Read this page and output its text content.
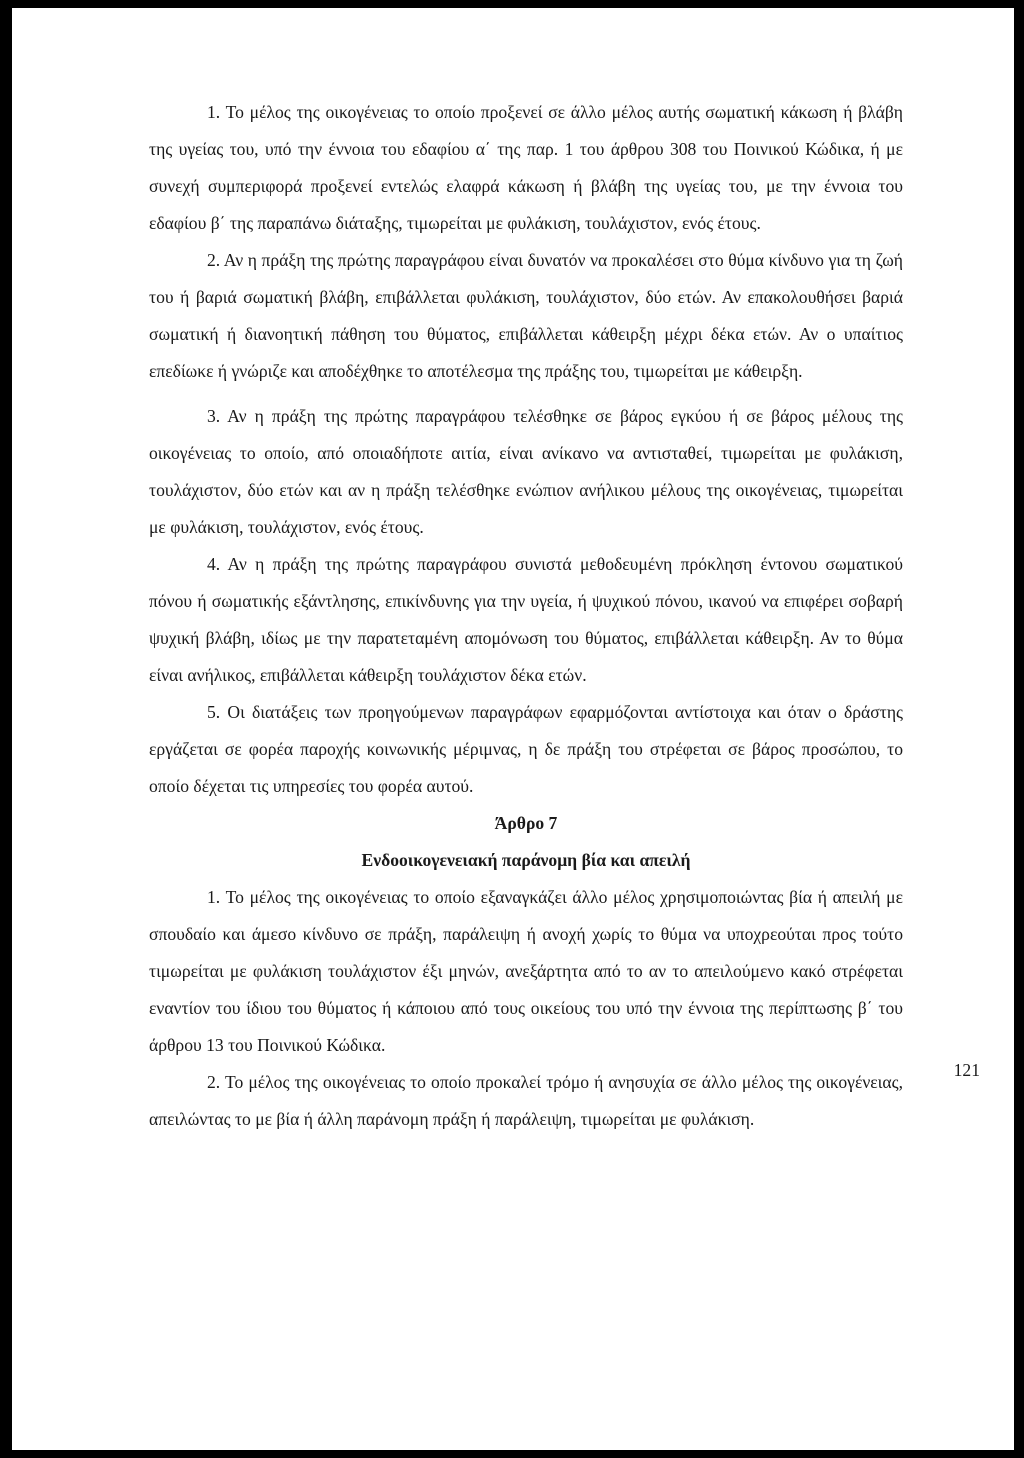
1. Το μέλος της οικογένειας το οποίο προξενεί σε άλλο μέλος αυτής σωματική κάκωση ή βλάβη της υγείας του, υπό την έννοια του εδαφίου α΄ της παρ. 1 του άρθρου 308 του Ποινικού Κώδικα, ή με συνεχή συμπεριφορά προξενεί εντελώς ελαφρά κάκωση ή βλάβη της υγείας του, με την έννοια του εδαφίου β΄ της παραπάνω διάταξης, τιμωρείται με φυλάκιση, τουλάχιστον, ενός έτους.

2. Αν η πράξη της πρώτης παραγράφου είναι δυνατόν να προκαλέσει στο θύμα κίνδυνο για τη ζωή του ή βαριά σωματική βλάβη, επιβάλλεται φυλάκιση, τουλάχιστον, δύο ετών. Αν επακολουθήσει βαριά σωματική ή διανοητική πάθηση του θύματος, επιβάλλεται κάθειρξη μέχρι δέκα ετών. Αν ο υπαίτιος επεδίωκε ή γνώριζε και αποδέχθηκε το αποτέλεσμα της πράξης του, τιμωρείται με κάθειρξη.

3. Αν η πράξη της πρώτης παραγράφου τελέσθηκε σε βάρος εγκύου ή σε βάρος μέλους της οικογένειας το οποίο, από οποιαδήποτε αιτία, είναι ανίκανο να αντισταθεί, τιμωρείται με φυλάκιση, τουλάχιστον, δύο ετών και αν η πράξη τελέσθηκε ενώπιον ανήλικου μέλους της οικογένειας, τιμωρείται με φυλάκιση, τουλάχιστον, ενός έτους.

4. Αν η πράξη της πρώτης παραγράφου συνιστά μεθοδευμένη πρόκληση έντονου σωματικού πόνου ή σωματικής εξάντλησης, επικίνδυνης για την υγεία, ή ψυχικού πόνου, ικανού να επιφέρει σοβαρή ψυχική βλάβη, ιδίως με την παρατεταμένη απομόνωση του θύματος, επιβάλλεται κάθειρξη. Αν το θύμα είναι ανήλικος, επιβάλλεται κάθειρξη τουλάχιστον δέκα ετών.

5. Οι διατάξεις των προηγούμενων παραγράφων εφαρμόζονται αντίστοιχα και όταν ο δράστης εργάζεται σε φορέα παροχής κοινωνικής μέριμνας, η δε πράξη του στρέφεται σε βάρος προσώπου, το οποίο δέχεται τις υπηρεσίες του φορέα αυτού.

Άρθρο 7

Ενδοοικογενειακή παράνομη βία και απειλή

1. Το μέλος της οικογένειας το οποίο εξαναγκάζει άλλο μέλος χρησιμοποιώντας βία ή απειλή με σπουδαίο και άμεσο κίνδυνο σε πράξη, παράλειψη ή ανοχή χωρίς το θύμα να υποχρεούται προς τούτο τιμωρείται με φυλάκιση τουλάχιστον έξι μηνών, ανεξάρτητα από το αν το απειλούμενο κακό στρέφεται εναντίον του ίδιου του θύματος ή κάποιου από τους οικείους του υπό την έννοια της περίπτωσης β΄ του άρθρου 13 του Ποινικού Κώδικα.

2. Το μέλος της οικογένειας το οποίο προκαλεί τρόμο ή ανησυχία σε άλλο μέλος της οικογένειας, απειλώντας το με βία ή άλλη παράνομη πράξη ή παράλειψη, τιμωρείται με φυλάκιση.

121
